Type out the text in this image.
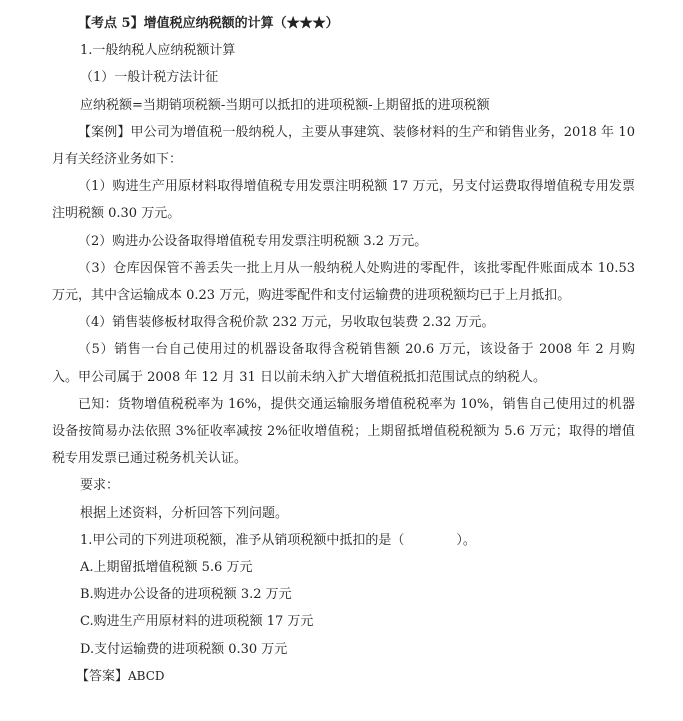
【考点 5】增值税应纳税额的计算（★★★）
1.一般纳税人应纳税额计算
（1）一般计税方法计征
应纳税额=当期销项税额-当期可以抵扣的进项税额-上期留抵的进项税额
【案例】甲公司为增值税一般纳税人，主要从事建筑、装修材料的生产和销售业务，2018 年 10 月有关经济业务如下：
（1）购进生产用原材料取得增值税专用发票注明税额 17 万元，另支付运费取得增值税专用发票注明税额 0.30 万元。
（2）购进办公设备取得增值税专用发票注明税额 3.2 万元。
（3）仓库因保管不善丢失一批上月从一般纳税人处购进的零配件，该批零配件账面成本 10.53 万元，其中含运输成本 0.23 万元，购进零配件和支付运输费的进项税额均已于上月抵扣。
（4）销售装修板材取得含税价款 232 万元，另收取包装费 2.32 万元。
（5）销售一台自己使用过的机器设备取得含税销售额 20.6 万元，该设备于 2008 年 2 月购入。甲公司属于 2008 年 12 月 31 日以前未纳入扩大增值税抵扣范围试点的纳税人。
已知：货物增值税税率为 16%，提供交通运输服务增值税税率为 10%，销售自己使用过的机器设备按简易办法依照 3%征收率减按 2%征收增值税；上期留抵增值税税额为 5.6 万元；取得的增值税专用发票已通过税务机关认证。
要求：
根据上述资料，分析回答下列问题。
1.甲公司的下列进项税额，准予从销项税额中抵扣的是（　　　　）。
A.上期留抵增值税额 5.6 万元
B.购进办公设备的进项税额 3.2 万元
C.购进生产用原材料的进项税额 17 万元
D.支付运输费的进项税额 0.30 万元
【答案】ABCD
